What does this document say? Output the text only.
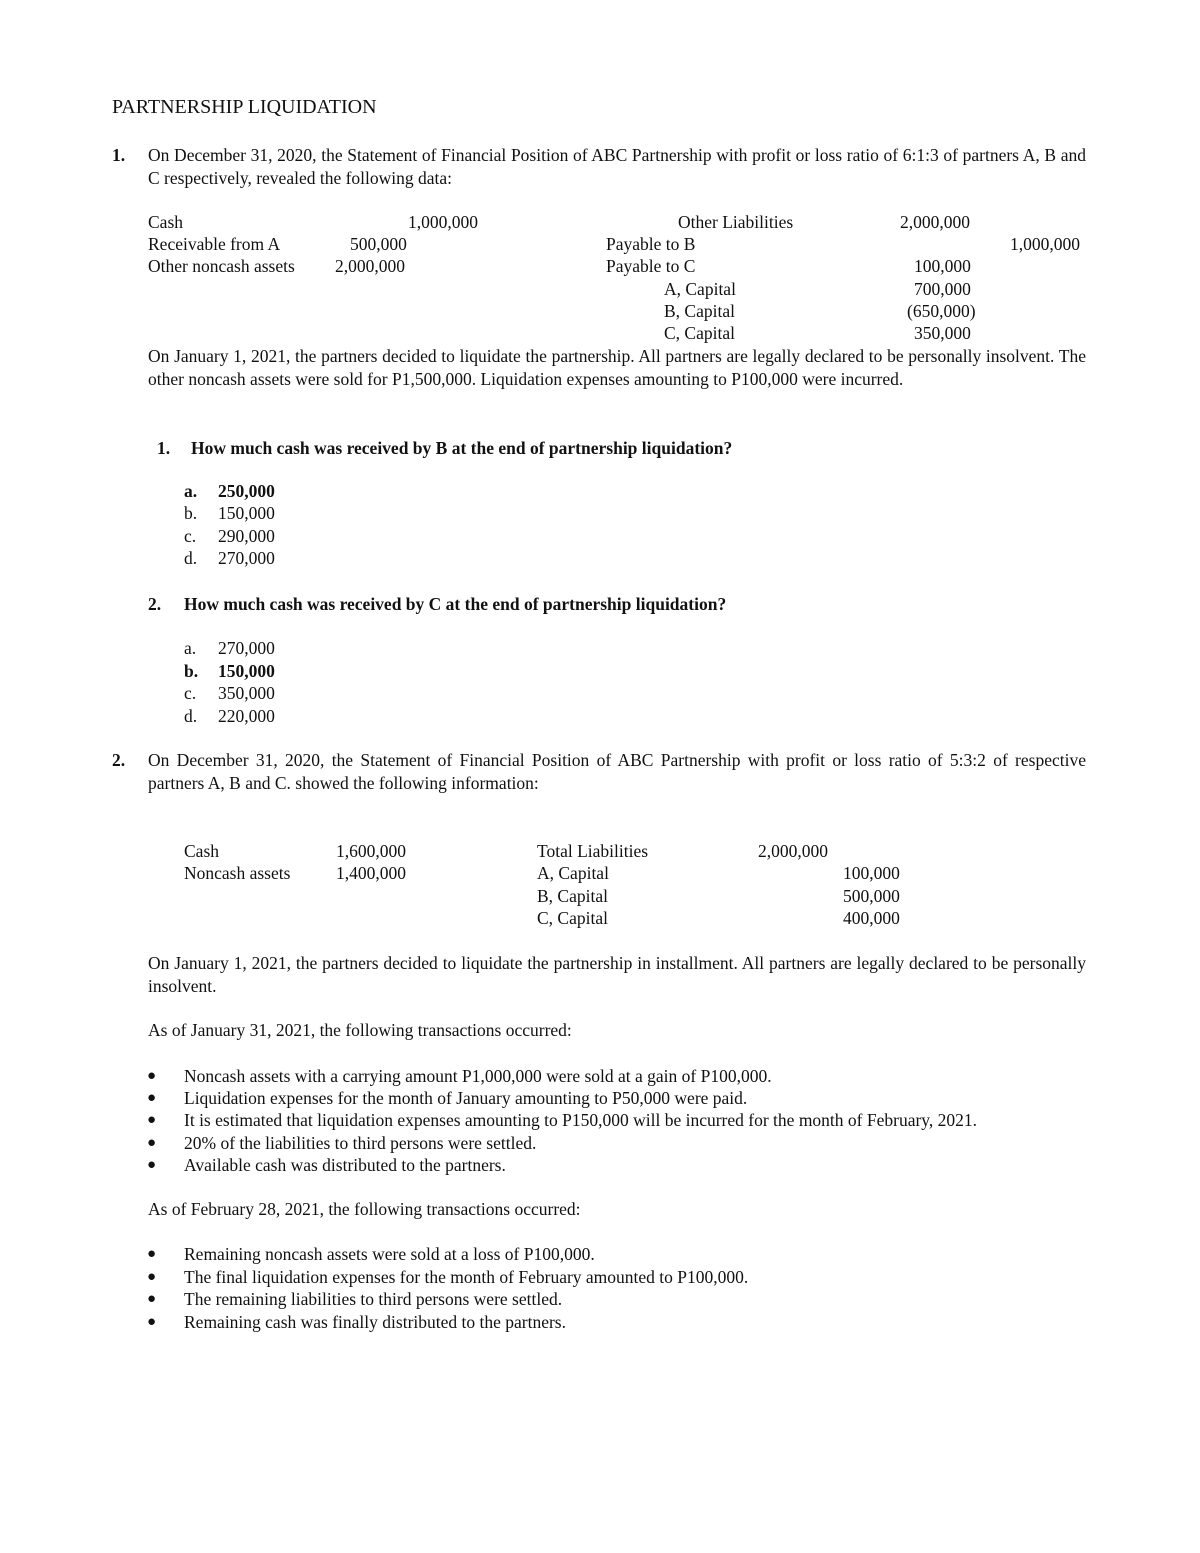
PARTNERSHIP LIQUIDATION
1. On December 31, 2020, the Statement of Financial Position of ABC Partnership with profit or loss ratio of 6:1:3 of partners A, B and C respectively, revealed the following data:
Cash	1,000,000
Receivable from A	500,000
Other noncash assets 2,000,000
Other Liabilities	2,000,000
Payable to B	1,000,000
Payable to C	100,000
A, Capital	700,000
B, Capital	(650,000)
C, Capital	350,000
On January 1, 2021, the partners decided to liquidate the partnership. All partners are legally declared to be personally insolvent. The other noncash assets were sold for P1,500,000. Liquidation expenses amounting to P100,000 were incurred.
1. How much cash was received by B at the end of partnership liquidation?
a. 250,000
b. 150,000
c. 290,000
d. 270,000
2. How much cash was received by C at the end of partnership liquidation?
a. 270,000
b. 150,000
c. 350,000
d. 220,000
2. On December 31, 2020, the Statement of Financial Position of ABC Partnership with profit or loss ratio of 5:3:2 of respective partners A, B and C. showed the following information:
Cash	1,600,000
Noncash assets	1,400,000
Total Liabilities	2,000,000
A, Capital	100,000
B, Capital	500,000
C, Capital	400,000
On January 1, 2021, the partners decided to liquidate the partnership in installment. All partners are legally declared to be personally insolvent.
As of January 31, 2021, the following transactions occurred:
● Noncash assets with a carrying amount P1,000,000 were sold at a gain of P100,000.
● Liquidation expenses for the month of January amounting to P50,000 were paid.
● It is estimated that liquidation expenses amounting to P150,000 will be incurred for the month of February, 2021.
● 20% of the liabilities to third persons were settled.
● Available cash was distributed to the partners.
As of February 28, 2021, the following transactions occurred:
● Remaining noncash assets were sold at a loss of P100,000.
● The final liquidation expenses for the month of February amounted to P100,000.
● The remaining liabilities to third persons were settled.
● Remaining cash was finally distributed to the partners.
